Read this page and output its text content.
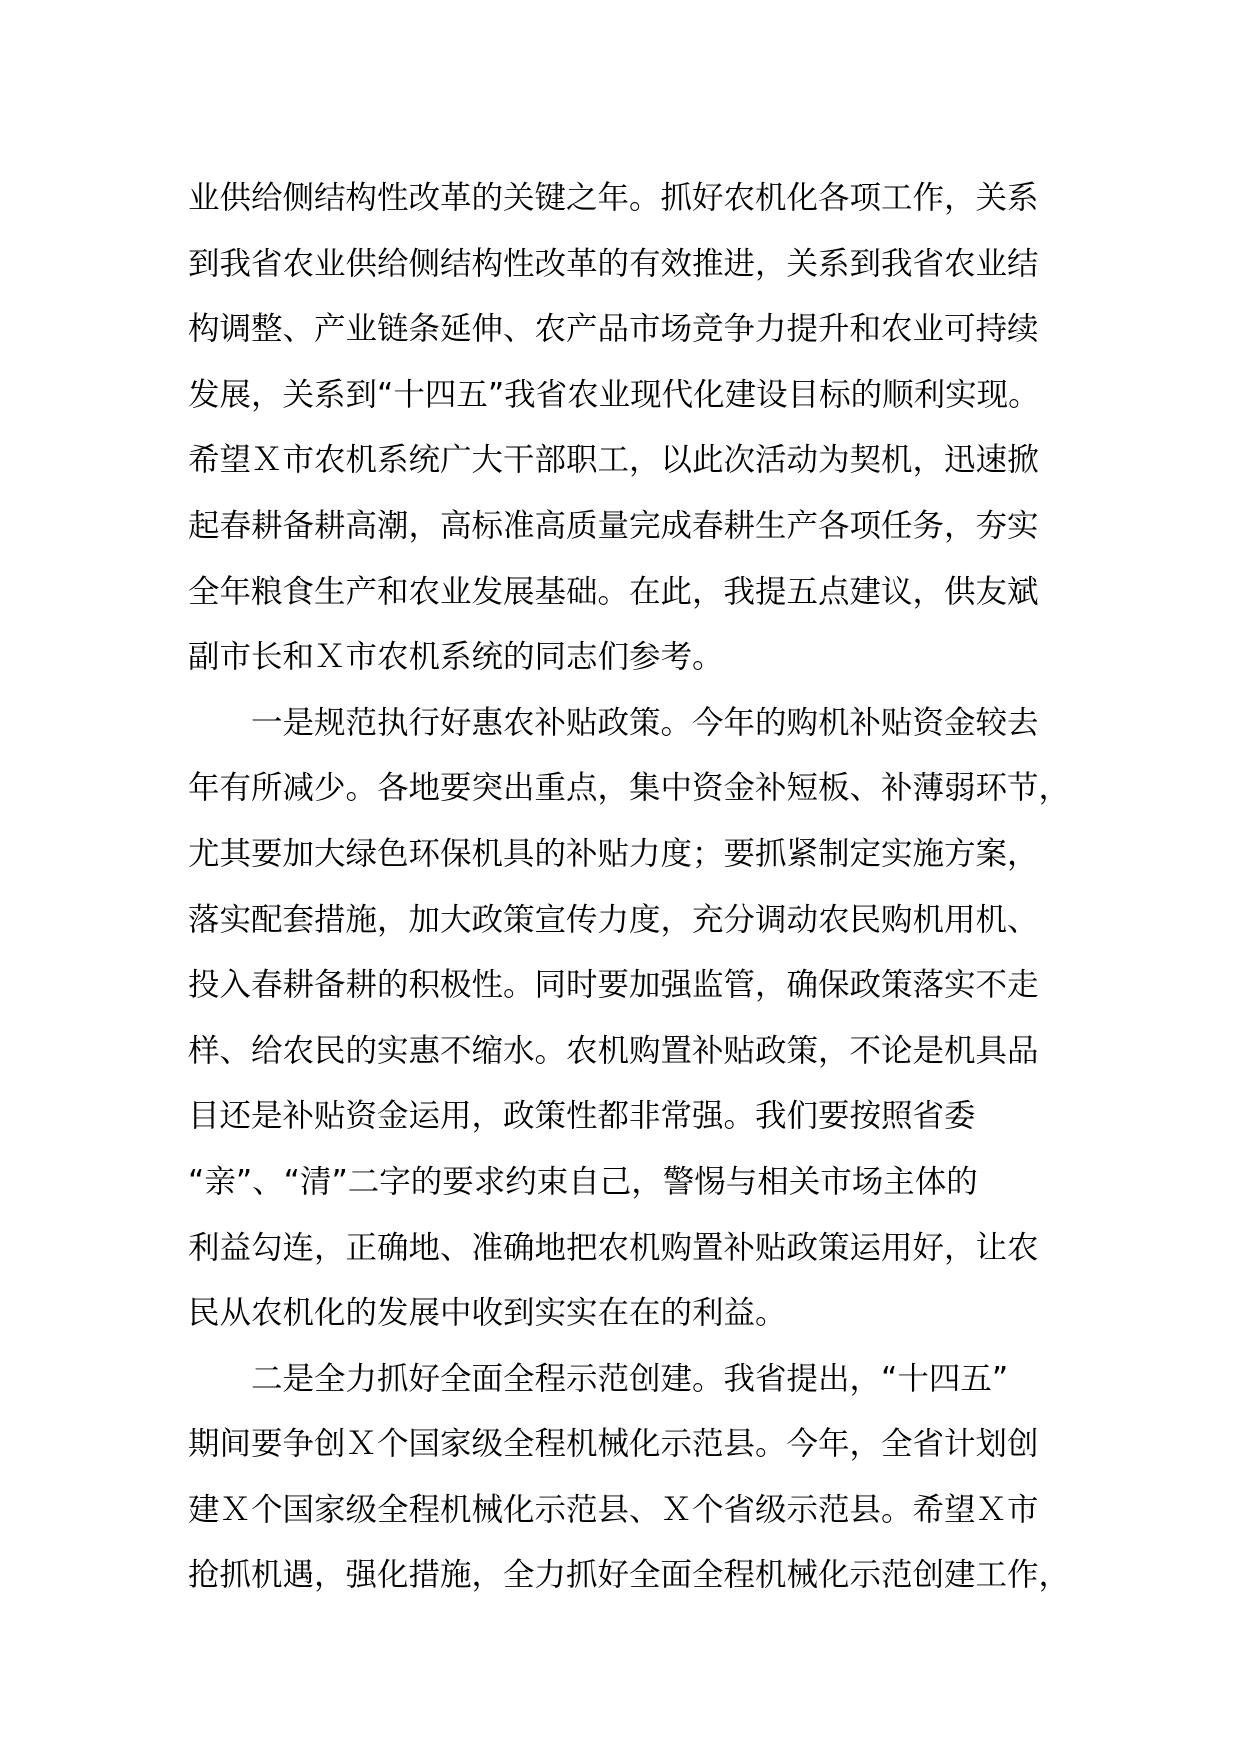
业供给侧结构性改革的关键之年。抓好农机化各项工作，关系
到我省农业供给侧结构性改革的有效推进，关系到我省农业结
构调整、产业链条延伸、农产品市场竞争力提升和农业可持续
发展，关系到“十四五”我省农业现代化建设目标的顺利实现。
希望Ｘ市农机系统广大干部职工，以此次活动为契机，迅速掀
起春耕备耕高潮，高标准高质量完成春耕生产各项任务，夯实
全年粮食生产和农业发展基础。在此，我提五点建议，供友斌
副市长和Ｘ市农机系统的同志们参考。
一是规范执行好惠农补贴政策。今年的购机补贴资金较去
年有所减少。各地要突出重点，集中资金补短板、补薄弱环节，
尤其要加大绿色环保机具的补贴力度；要抓紧制定实施方案，
落实配套措施，加大政策宣传力度，充分调动农民购机用机、
投入春耕备耕的积极性。同时要加强监管，确保政策落实不走
样、给农民的实惠不缩水。农机购置补贴政策，不论是机具品
目还是补贴资金运用，政策性都非常强。我们要按照省委
“亲”、“清”二字的要求约束自己，警惕与相关市场主体的
利益勾连，正确地、准确地把农机购置补贴政策运用好，让农
民从农机化的发展中收到实实在在的利益。
二是全力抓好全面全程示范创建。我省提出，“十四五”
期间要争创Ｘ个国家级全程机械化示范县。今年，全省计划创
建Ｘ个国家级全程机械化示范县、Ｘ个省级示范县。希望Ｘ市
抢抓机遇，强化措施，全力抓好全面全程机械化示范创建工作，
